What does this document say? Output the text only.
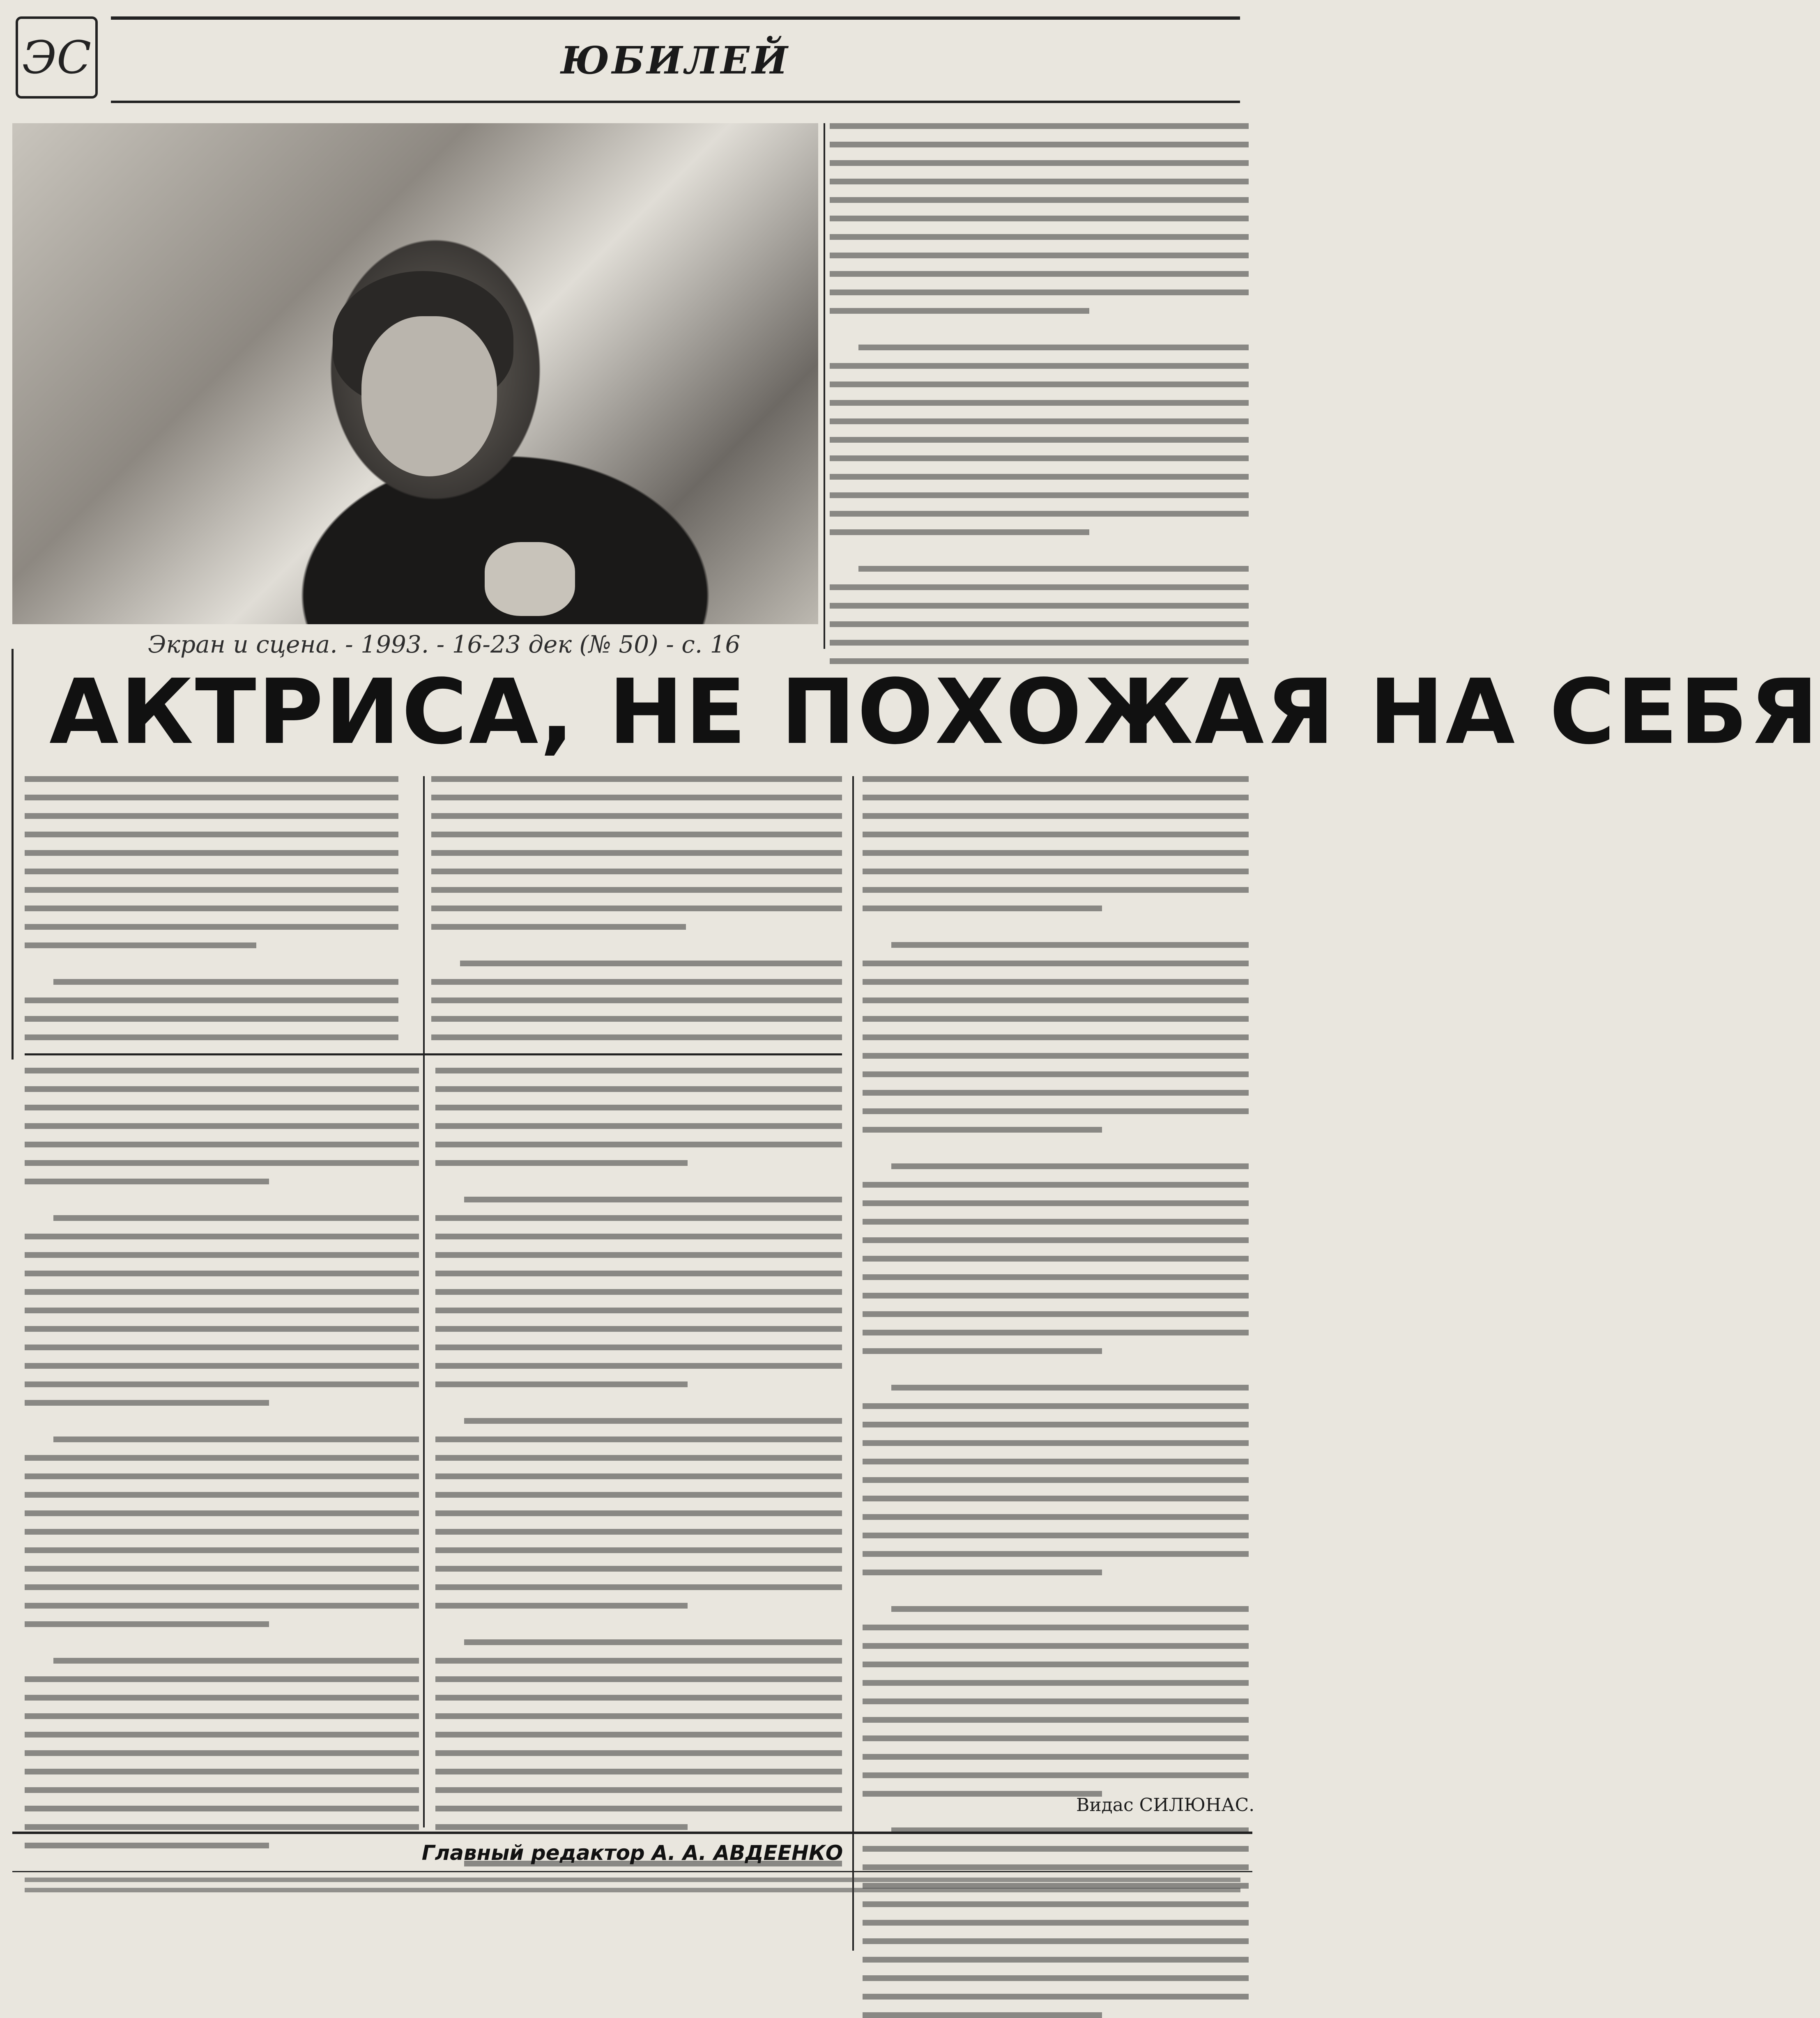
ЭС	ЮБИЛЕЙ
Экран и сцена. - 1993. - 16-23 дек (№ 50) - с. 16
АКТРИСА, НЕ ПОХОЖАЯ НА СЕБЯ
Видас СИЛЮНАС.
Главный редактор А. А. АВДЕЕНКО
